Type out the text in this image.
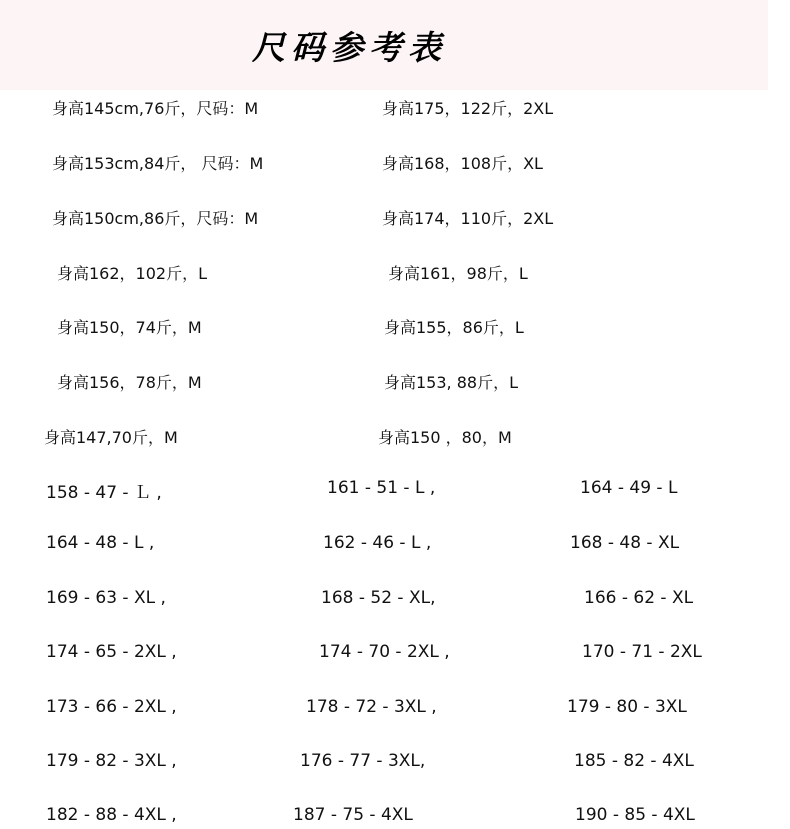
尺码参考表
身高145cm,76斤，尺码：M	身高175，122斤，2XL
身高153cm,84斤， 尺码：M	身高168，108斤，XL
身高150cm,86斤，尺码：M	身高174，110斤，2XL
身高162，102斤，L	身高161，98斤，L
身高150，74斤，M	身高155，86斤，L
身高156，78斤，M	身高153, 88斤，L
身高147,70斤，M	身高150 ，80，M
158 - 47 - Ｌ ,	161 - 51 - L ,	164 - 49 - L
164 - 48 - L ,	162 - 46 - L ,	168 - 48 - XL
169 - 63 - XL ,	168 - 52 - XL,	166 - 62 - XL
174 - 65 - 2XL ,	174 - 70 - 2XL ,	170 - 71 - 2XL
173 - 66 - 2XL ,	178 - 72 - 3XL ,	179 - 80 - 3XL
179 - 82 - 3XL ,	176 - 77 - 3XL,	185 - 82 - 4XL
182 - 88 - 4XL ,	187 - 75 - 4XL	190 - 85 - 4XL
